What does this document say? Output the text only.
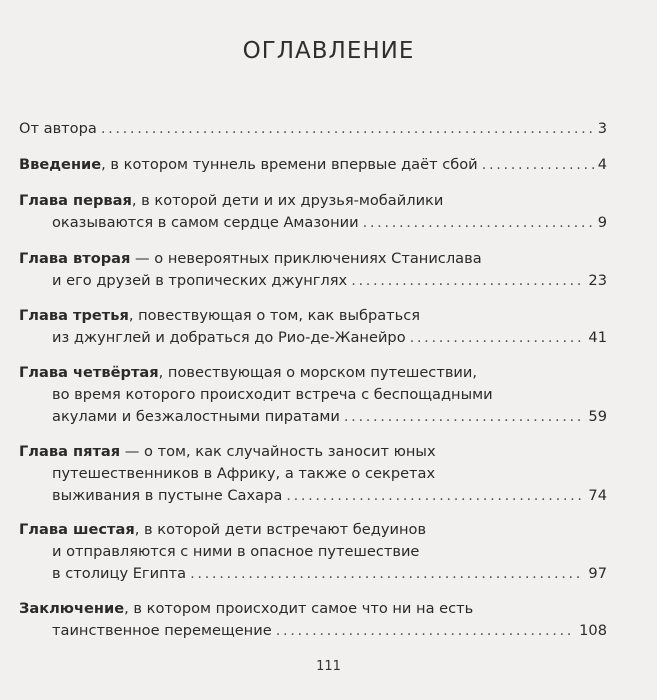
ОГЛАВЛЕНИЕ
От автора . . .	3
Введение, в котором туннель времени впервые даёт сбой . . .	4
Глава первая, в которой дети и их друзья-мобайлики
оказываются в самом сердце Амазонии . . .	9
Глава вторая — о невероятных приключениях Станислава
и его друзей в тропических джунглях . . .	23
Глава третья, повествующая о том, как выбраться
из джунглей и добраться до Рио-де-Жанейро . . .	41
Глава четвёртая, повествующая о морском путешествии,
во время которого происходит встреча с беспощадными
акулами и безжалостными пиратами . . .	59
Глава пятая — о том, как случайность заносит юных
путешественников в Африку, а также о секретах
выживания в пустыне Сахара . . .	74
Глава шестая, в которой дети встречают бедуинов
и отправляются с ними в опасное путешествие
в столицу Египта . . .	97
Заключение, в котором происходит самое что ни на есть
таинственное перемещение . . .	108
111
